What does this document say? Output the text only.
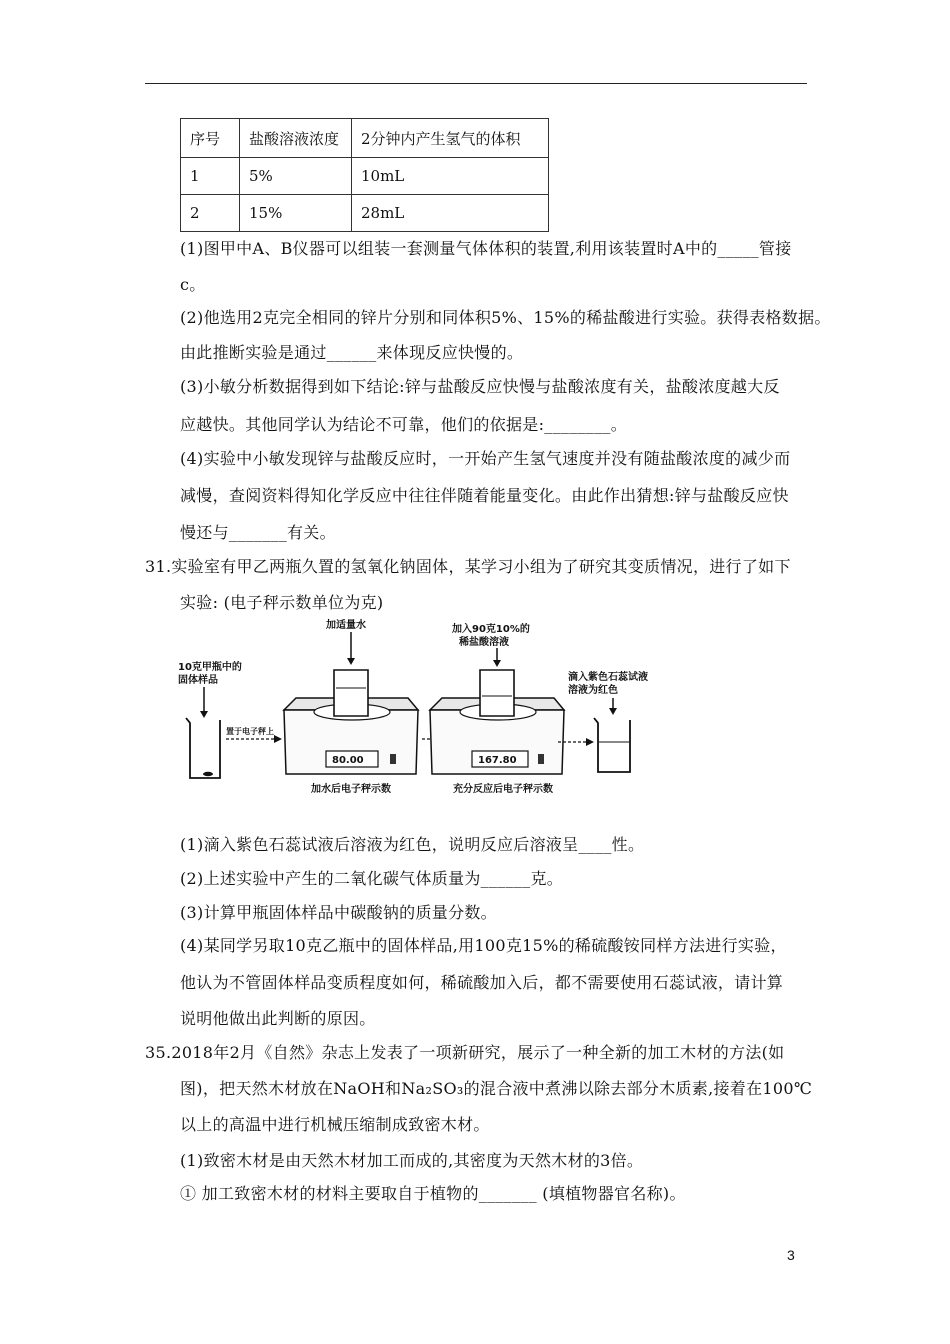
序号	盐酸溶液浓度	2分钟内产生氢气的体积
1	5%	10mL
2	15%	28mL
(1)图甲中A、B仪器可以组装一套测量气体体积的装置,利用该装置时A中的_____管接
c。
(2)他选用2克完全相同的锌片分别和同体积5%、15%的稀盐酸进行实验。获得表格数据。
由此推断实验是通过______来体现反应快慢的。
(3)小敏分析数据得到如下结论:锌与盐酸反应快慢与盐酸浓度有关，盐酸浓度越大反
应越快。其他同学认为结论不可靠，他们的依据是:________。
(4)实验中小敏发现锌与盐酸反应时，一开始产生氢气速度并没有随盐酸浓度的减少而
减慢，查阅资料得知化学反应中往往伴随着能量变化。由此作出猜想:锌与盐酸反应快
慢还与_______有关。
31.实验室有甲乙两瓶久置的氢氧化钠固体，某学习小组为了研究其变质情况，进行了如下
实验: (电子秤示数单位为克)
10克甲瓶中的
固体样品
置于电子秤上
80.00
加适量水
加水后电子秤示数
167.80
加入90克10%的
稀盐酸溶液
充分反应后电子秤示数
滴入紫色石蕊试液
溶液为红色
(1)滴入紫色石蕊试液后溶液为红色，说明反应后溶液呈____性。
(2)上述实验中产生的二氧化碳气体质量为______克。
(3)计算甲瓶固体样品中碳酸钠的质量分数。
(4)某同学另取10克乙瓶中的固体样品,用100克15%的稀硫酸铵同样方法进行实验，
他认为不管固体样品变质程度如何，稀硫酸加入后，都不需要使用石蕊试液，请计算
说明他做出此判断的原因。
35.2018年2月《自然》杂志上发表了一项新研究，展示了一种全新的加工木材的方法(如
图)，把天然木材放在NaOH和Na₂SO₃的混合液中煮沸以除去部分木质素,接着在100℃
以上的高温中进行机械压缩制成致密木材。
(1)致密木材是由天然木材加工而成的,其密度为天然木材的3倍。
① 加工致密木材的材料主要取自于植物的_______ (填植物器官名称)。
3
